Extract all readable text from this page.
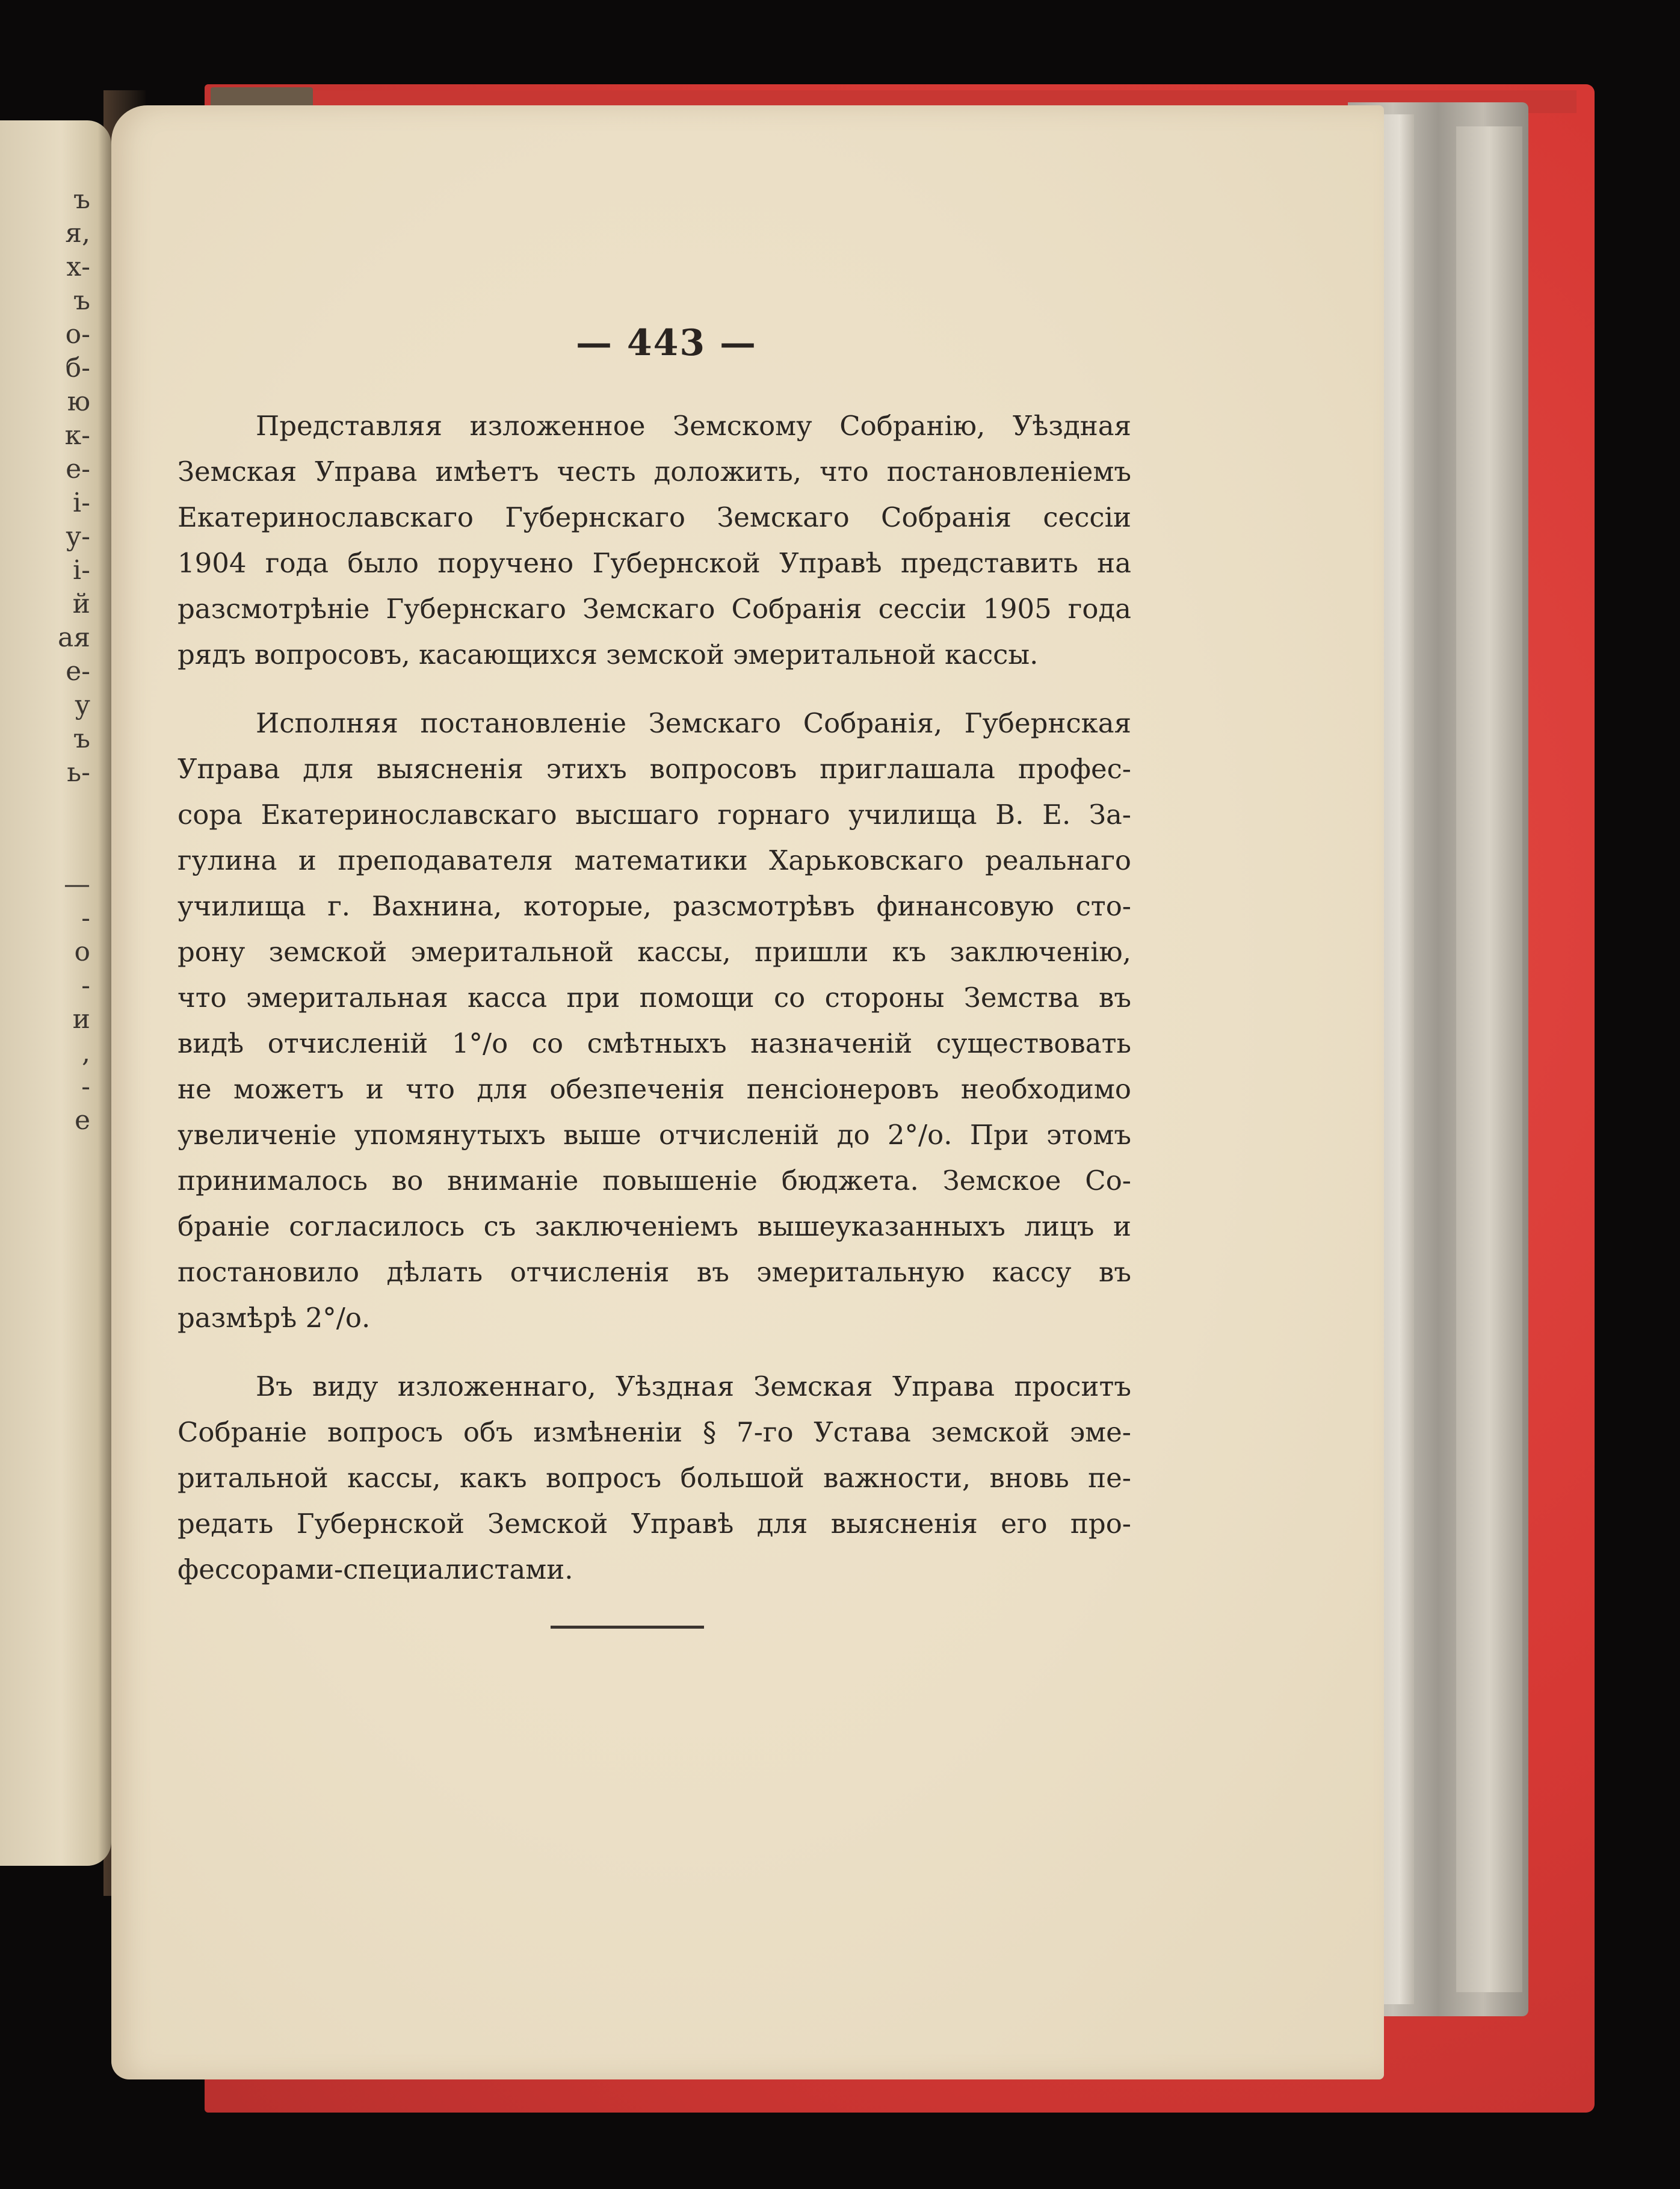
ъ
я,
х-
ъ
о-
б-
ю
к-
е-
і-
у-
і-
й
ая
е-
у
ъ
ь-
—
-
о
-
и
,
-
е
— 443 —
Представляя изложенное Земскому Собранію, Уѣздная
Земская Управа имѣетъ честь доложить, что постановленіемъ
Екатеринославскаго Губернскаго Земскаго Собранія сессіи
1904 года было поручено Губернской Управѣ представить на
разсмотрѣніе Губернскаго Земскаго Собранія сессіи 1905 года
рядъ вопросовъ, касающихся земской эмеритальной кассы.
Исполняя постановленіе Земскаго Собранія, Губернская
Управа для выясненія этихъ вопросовъ приглашала профес-
сора Екатеринославскаго высшаго горнаго училища В. Е. За-
гулина и преподавателя математики Харьковскаго реальнаго
училища г. Вахнина, которые, разсмотрѣвъ финансовую сто-
рону земской эмеритальной кассы, пришли къ заключенію,
что эмеритальная касса при помощи со стороны Земства въ
видѣ отчисленій 1°/о со смѣтныхъ назначеній существовать
не можетъ и что для обезпеченія пенсіонеровъ необходимо
увеличеніе упомянутыхъ выше отчисленій до 2°/о. При этомъ
принималось во вниманіе повышеніе бюджета. Земское Со-
браніе согласилось съ заключеніемъ вышеуказанныхъ лицъ и
постановило дѣлать отчисленія въ эмеритальную кассу въ
размѣрѣ 2°/о.
Въ виду изложеннаго, Уѣздная Земская Управа проситъ
Собраніе вопросъ объ измѣненіи § 7-го Устава земской эме-
ритальной кассы, какъ вопросъ большой важности, вновь пе-
редать Губернской Земской Управѣ для выясненія его про-
фессорами-специалистами.
